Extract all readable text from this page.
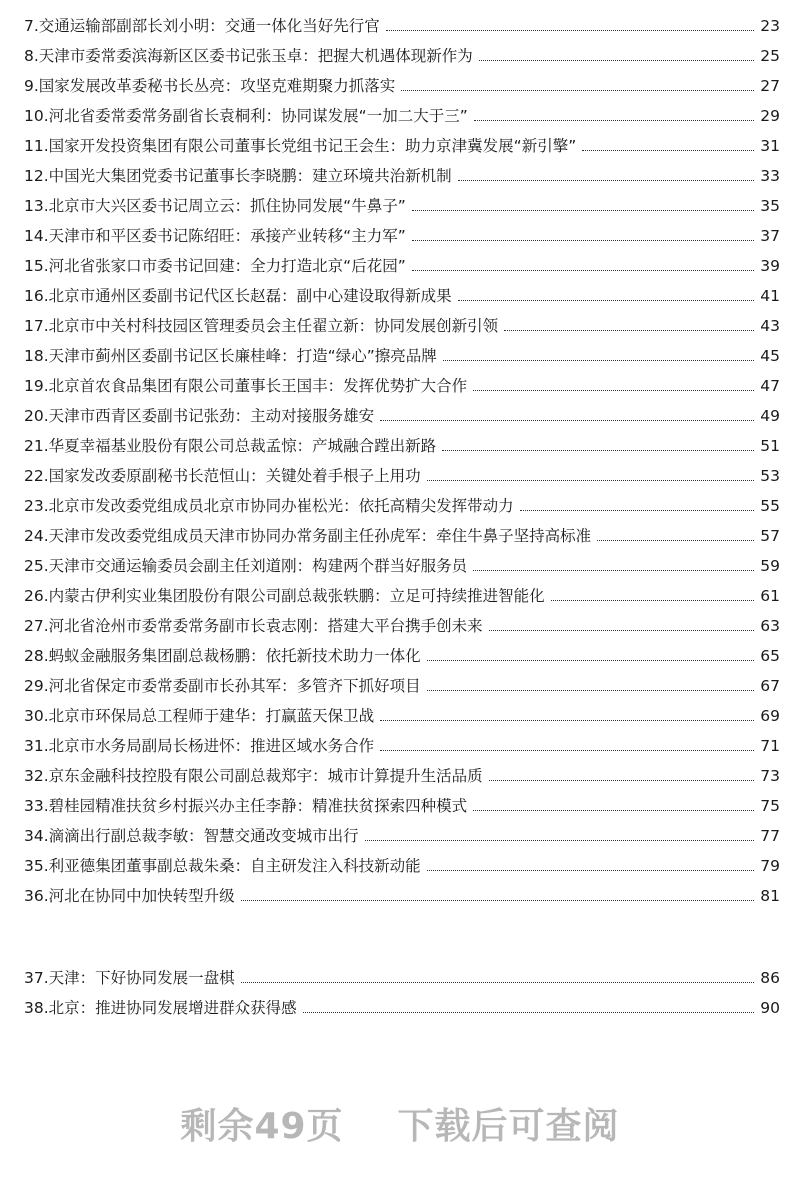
7. 交通运输部副部长刘小明：交通一体化当好先行官	23
8. 天津市委常委滨海新区区委书记张玉卓：把握大机遇体现新作为	25
9. 国家发展改革委秘书长丛亮：攻坚克难期聚力抓落实	27
10. 河北省委常委常务副省长袁桐利：协同谋发展“一加二大于三”	29
11. 国家开发投资集团有限公司董事长党组书记王会生：助力京津冀发展“新引擎”	31
12. 中国光大集团党委书记董事长李晓鹏：建立环境共治新机制	33
13. 北京市大兴区委书记周立云：抓住协同发展“牛鼻子”	35
14. 天津市和平区委书记陈绍旺：承接产业转移“主力军”	37
15. 河北省张家口市委书记回建：全力打造北京“后花园”	39
16. 北京市通州区委副书记代区长赵磊：副中心建设取得新成果	41
17. 北京市中关村科技园区管理委员会主任翟立新：协同发展创新引领	43
18. 天津市蓟州区委副书记区长廉桂峰：打造“绿心”擦亮品牌	45
19. 北京首农食品集团有限公司董事长王国丰：发挥优势扩大合作	47
20. 天津市西青区委副书记张劲：主动对接服务雄安	49
21. 华夏幸福基业股份有限公司总裁孟惊：产城融合蹚出新路	51
22. 国家发改委原副秘书长范恒山：关键处着手根子上用功	53
23. 北京市发改委党组成员北京市协同办崔松光：依托高精尖发挥带动力	55
24. 天津市发改委党组成员天津市协同办常务副主任孙虎军：牵住牛鼻子坚持高标准	57
25. 天津市交通运输委员会副主任刘道刚：构建两个群当好服务员	59
26. 内蒙古伊利实业集团股份有限公司副总裁张轶鹏：立足可持续推进智能化	61
27. 河北省沧州市委常委常务副市长袁志刚：搭建大平台携手创未来	63
28. 蚂蚁金融服务集团副总裁杨鹏：依托新技术助力一体化	65
29. 河北省保定市委常委副市长孙其军：多管齐下抓好项目	67
30. 北京市环保局总工程师于建华：打赢蓝天保卫战	69
31. 北京市水务局副局长杨进怀：推进区域水务合作	71
32. 京东金融科技控股有限公司副总裁郑宇：城市计算提升生活品质	73
33. 碧桂园精准扶贫乡村振兴办主任李静：精准扶贫探索四种模式	75
34. 滴滴出行副总裁李敏：智慧交通改变城市出行	77
35. 利亚德集团董事副总裁朱桑：自主研发注入科技新动能	79
36. 河北在协同中加快转型升级	81
37. 天津：下好协同发展一盘棋	86
38. 北京：推进协同发展增进群众获得感	90
剩余49页 下载后可查阅
